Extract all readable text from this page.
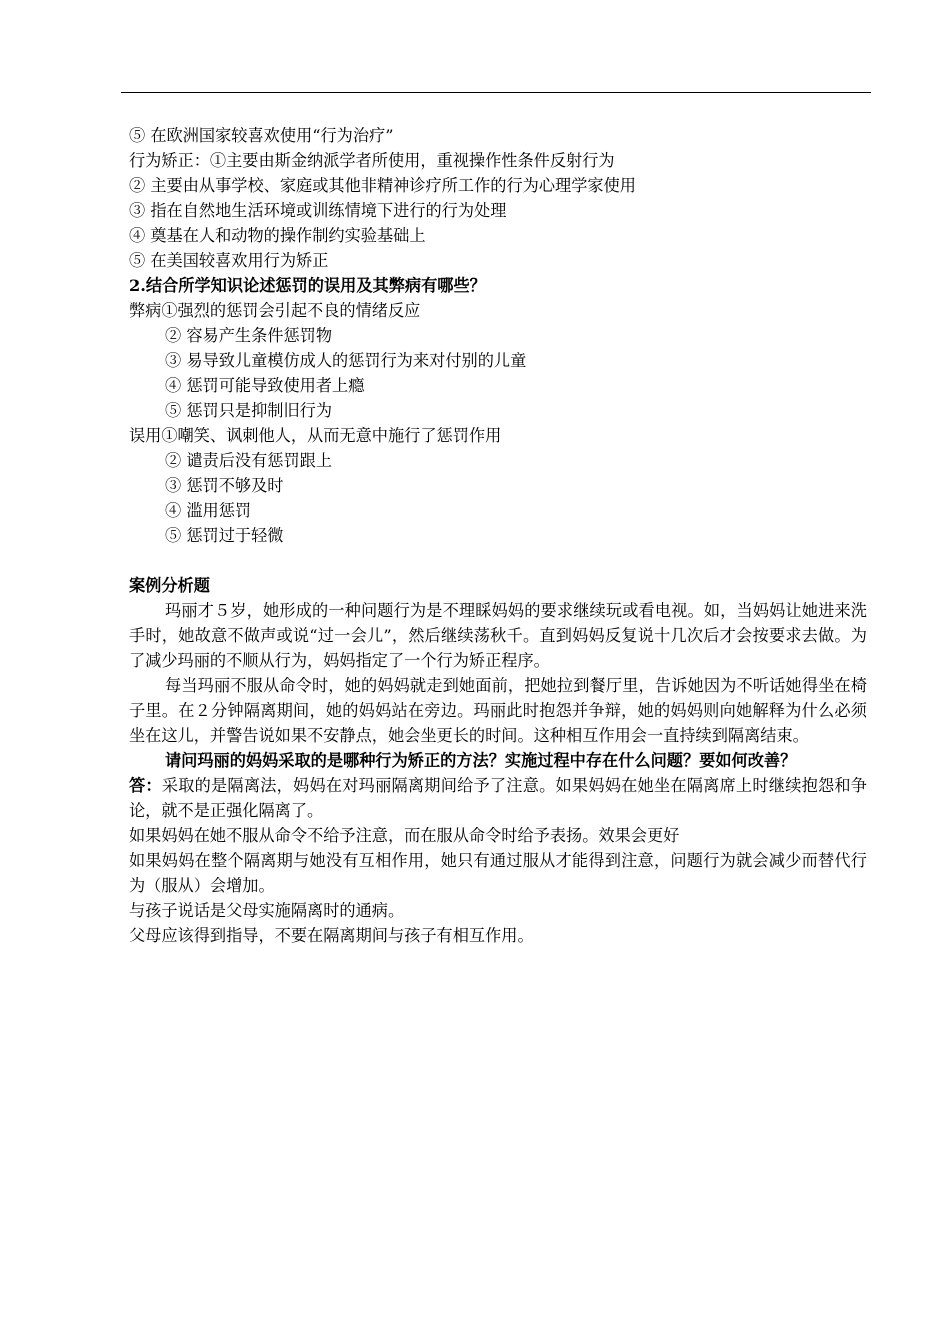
⑤ 在欧洲国家较喜欢使用“行为治疗”
行为矫正：①主要由斯金纳派学者所使用，重视操作性条件反射行为
② 主要由从事学校、家庭或其他非精神诊疗所工作的行为心理学家使用
③ 指在自然地生活环境或训练情境下进行的行为处理
④ 奠基在人和动物的操作制约实验基础上
⑤ 在美国较喜欢用行为矫正
2.结合所学知识论述惩罚的误用及其弊病有哪些？
弊病①强烈的惩罚会引起不良的情绪反应
② 容易产生条件惩罚物
③ 易导致儿童模仿成人的惩罚行为来对付别的儿童
④ 惩罚可能导致使用者上瘾
⑤ 惩罚只是抑制旧行为
误用①嘲笑、讽刺他人，从而无意中施行了惩罚作用
② 谴责后没有惩罚跟上
③ 惩罚不够及时
④ 滥用惩罚
⑤ 惩罚过于轻微
案例分析题
玛丽才５岁，她形成的一种问题行为是不理睬妈妈的要求继续玩或看电视。如，当妈妈让她进来洗手时，她故意不做声或说“过一会儿”，然后继续荡秋千。直到妈妈反复说十几次后才会按要求去做。为了减少玛丽的不顺从行为，妈妈指定了一个行为矫正程序。
每当玛丽不服从命令时，她的妈妈就走到她面前，把她拉到餐厅里，告诉她因为不听话她得坐在椅子里。在２分钟隔离期间，她的妈妈站在旁边。玛丽此时抱怨并争辩，她的妈妈则向她解释为什么必须坐在这儿，并警告说如果不安静点，她会坐更长的时间。这种相互作用会一直持续到隔离结束。
请问玛丽的妈妈采取的是哪种行为矫正的方法？实施过程中存在什么问题？要如何改善？
答：采取的是隔离法，妈妈在对玛丽隔离期间给予了注意。如果妈妈在她坐在隔离席上时继续抱怨和争论，就不是正强化隔离了。
如果妈妈在她不服从命令不给予注意，而在服从命令时给予表扬。效果会更好
如果妈妈在整个隔离期与她没有互相作用，她只有通过服从才能得到注意，问题行为就会减少而替代行为（服从）会增加。
与孩子说话是父母实施隔离时的通病。
父母应该得到指导，不要在隔离期间与孩子有相互作用。
